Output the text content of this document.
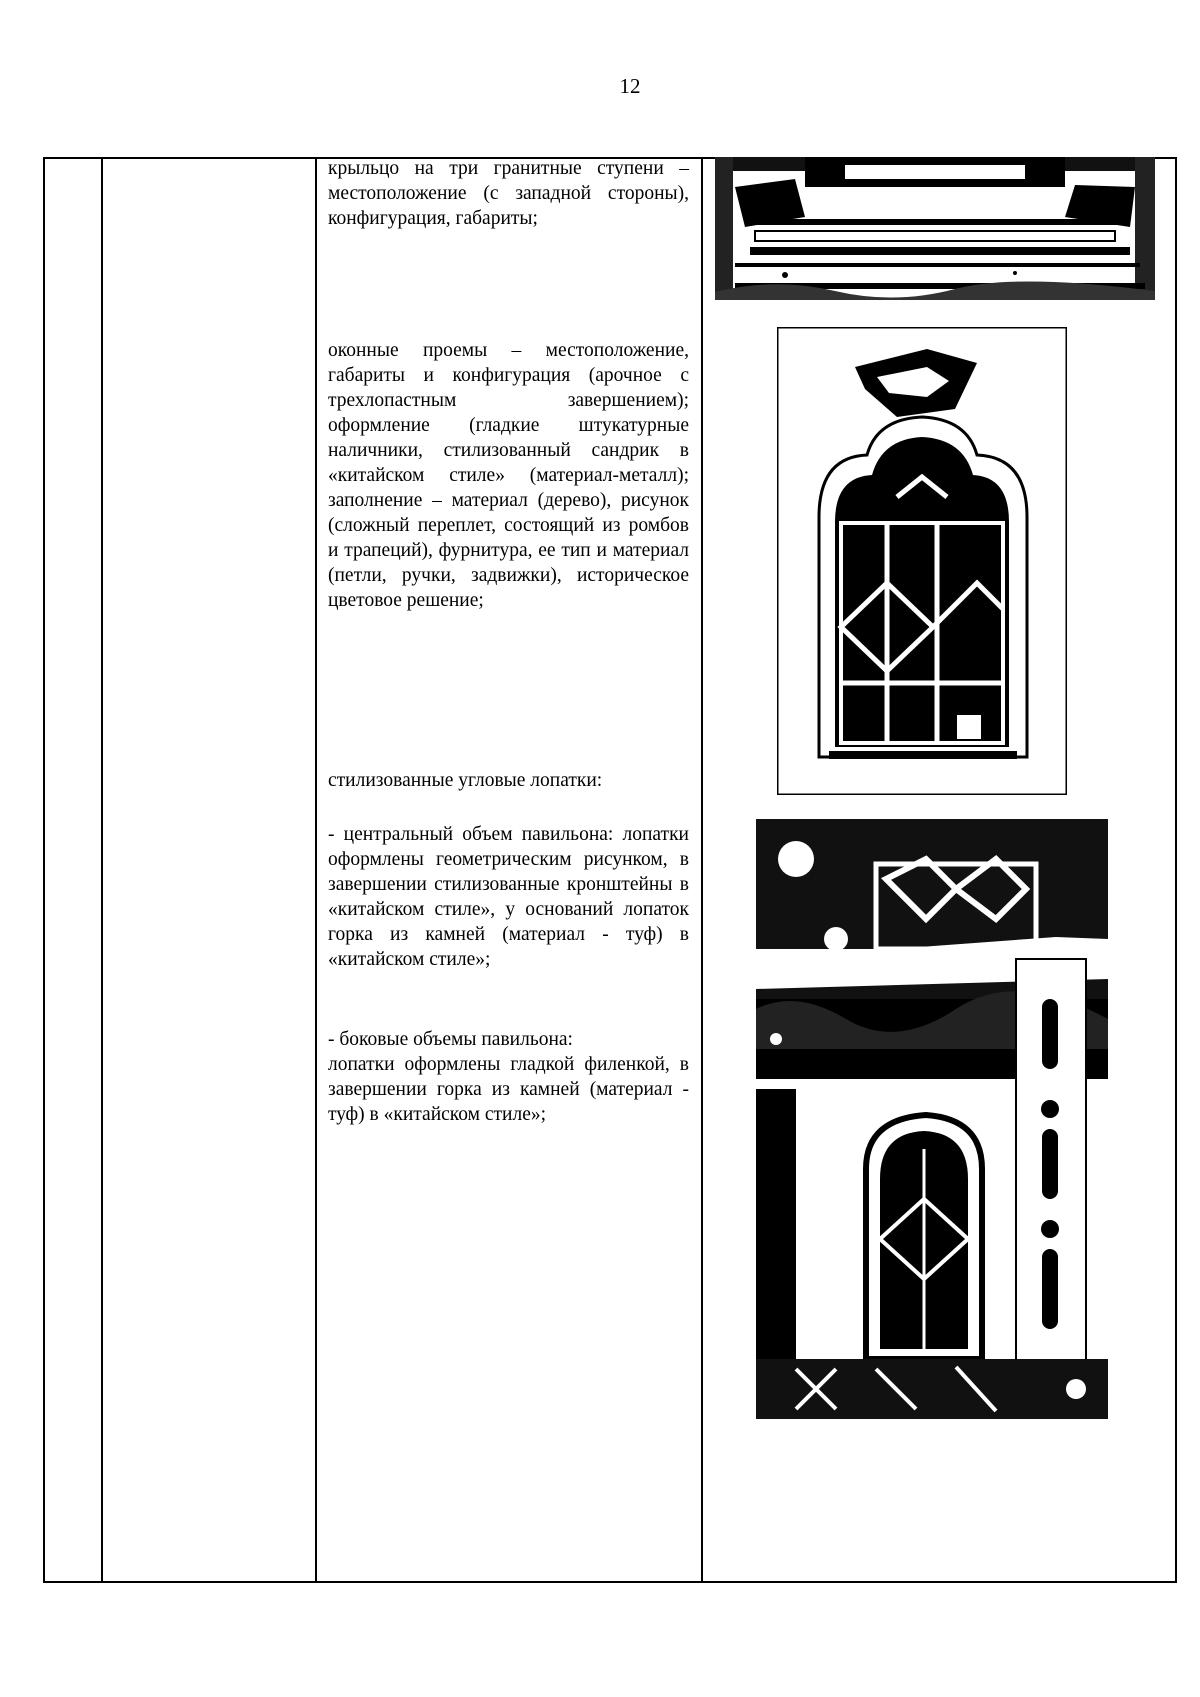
12

крыльцо на три гранитные ступени – местоположение (с западной стороны), конфигурация, габариты;

оконные проемы – местоположение, габариты и конфигурация (арочное с трехлопастным завершением); оформление (гладкие штукатурные наличники, стилизованный сандрик в «китайском стиле» (материал-металл); заполнение – материал (дерево), рисунок (сложный переплет, состоящий из ромбов и трапеций), фурнитура, ее тип и материал (петли, ручки, задвижки), историческое цветовое решение;

стилизованные угловые лопатки:

- центральный объем павильона: лопатки оформлены геометрическим рисунком, в завершении стилизованные кронштейны в «китайском стиле», у оснований лопаток горка из камней (материал - туф) в «китайском стиле»;

- боковые объемы павильона:

лопатки оформлены гладкой филенкой, в завершении горка из камней (материал - туф) в «китайском стиле»;
